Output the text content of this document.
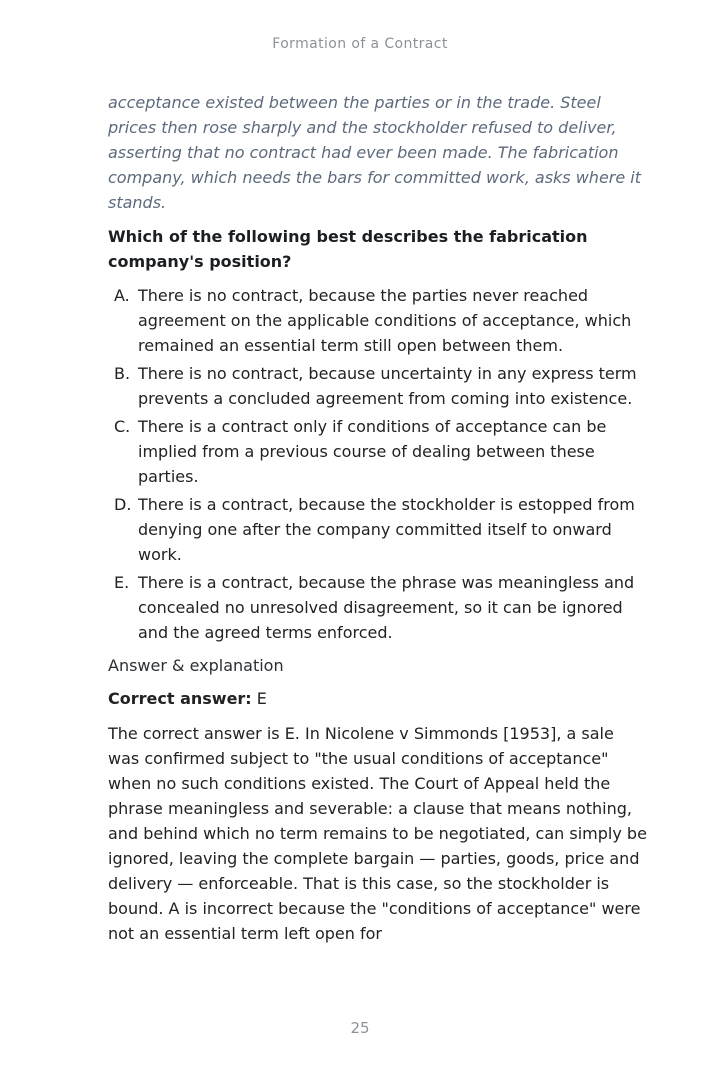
Formation of a Contract

acceptance existed between the parties or in the trade. Steel prices then rose sharply and the stockholder refused to deliver, asserting that no contract had ever been made. The fabrication company, which needs the bars for committed work, asks where it stands.

Which of the following best describes the fabrication company's position?

A. There is no contract, because the parties never reached agreement on the applicable conditions of acceptance, which remained an essential term still open between them.
B. There is no contract, because uncertainty in any express term prevents a concluded agreement from coming into existence.
C. There is a contract only if conditions of acceptance can be implied from a previous course of dealing between these parties.
D. There is a contract, because the stockholder is estopped from denying one after the company committed itself to onward work.
E. There is a contract, because the phrase was meaningless and concealed no unresolved disagreement, so it can be ignored and the agreed terms enforced.

Answer & explanation

Correct answer: E

The correct answer is E. In Nicolene v Simmonds [1953], a sale was confirmed subject to "the usual conditions of acceptance" when no such conditions existed. The Court of Appeal held the phrase meaningless and severable: a clause that means nothing, and behind which no term remains to be negotiated, can simply be ignored, leaving the complete bargain — parties, goods, price and delivery — enforceable. That is this case, so the stockholder is bound. A is incorrect because the "conditions of acceptance" were not an essential term left open for

25
